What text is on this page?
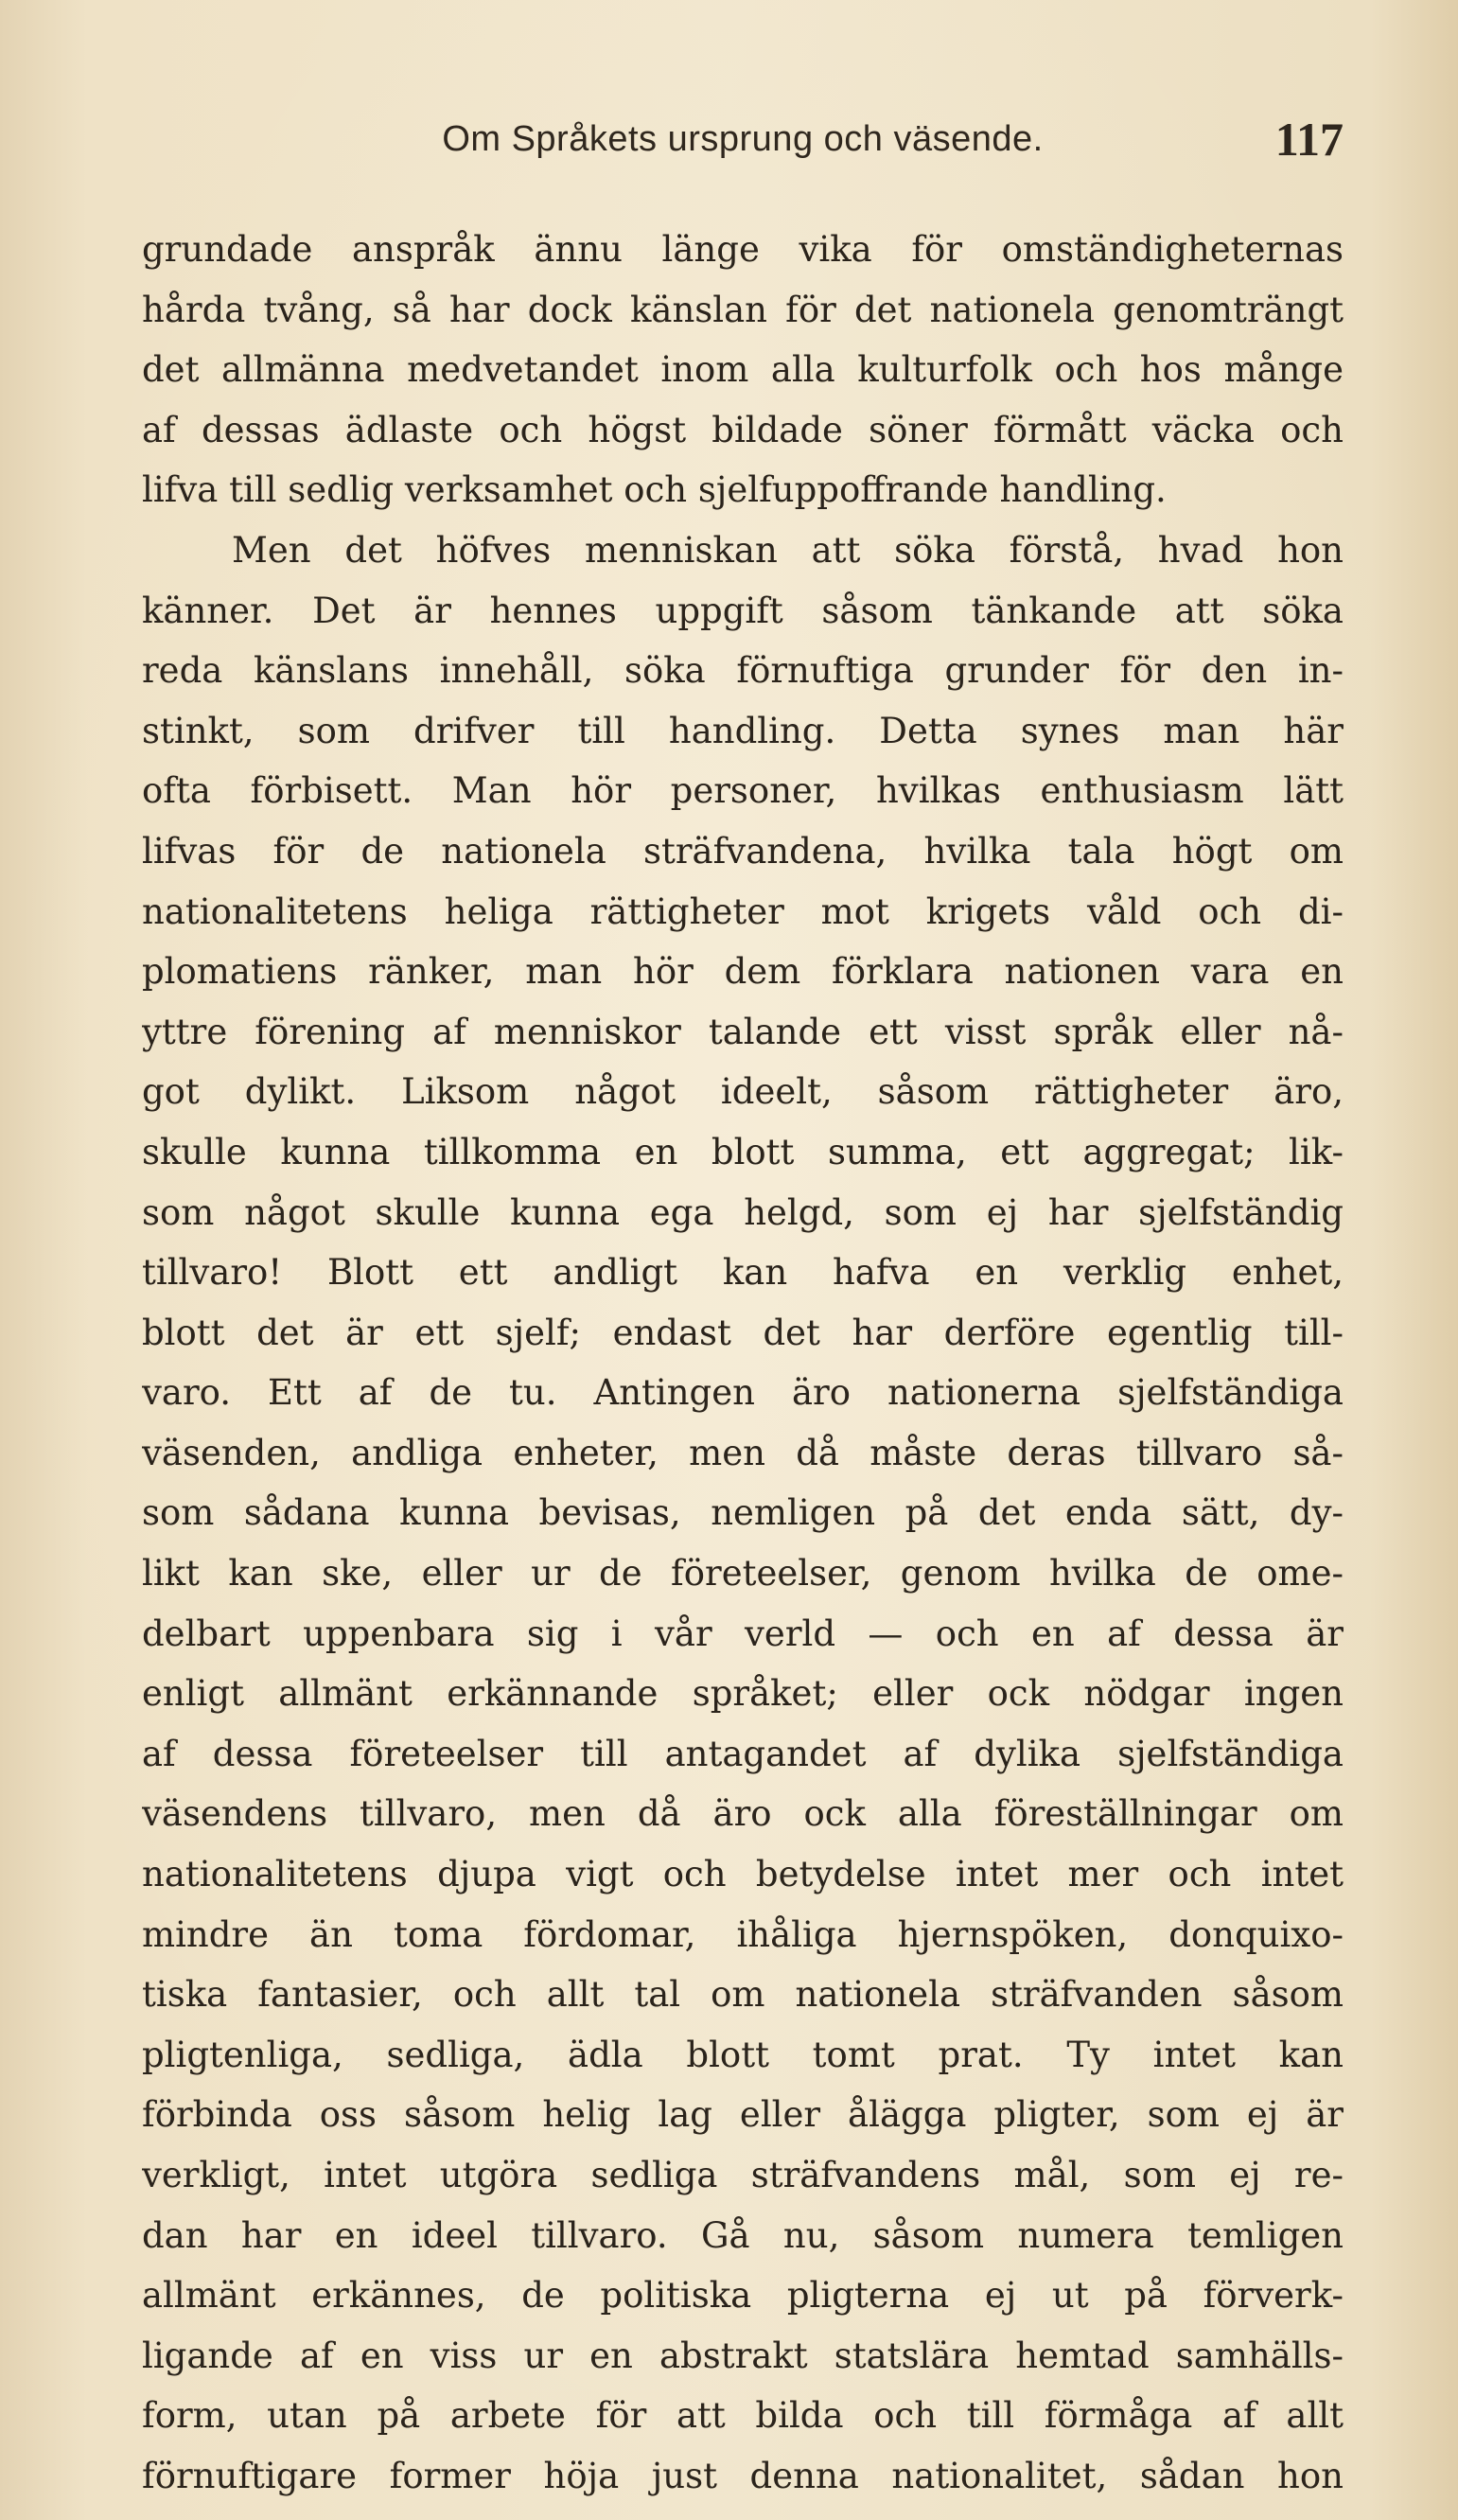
Om Språkets ursprung och väsende.	117
grundade anspråk ännu länge vika för omständigheternas
hårda tvång, så har dock känslan för det nationela genomträngt
det allmänna medvetandet inom alla kulturfolk och hos månge
af dessas ädlaste och högst bildade söner förmått väcka och
lifva till sedlig verksamhet och sjelfuppoffrande handling.
Men det höfves menniskan att söka förstå, hvad hon
känner. Det är hennes uppgift såsom tänkande att söka
reda känslans innehåll, söka förnuftiga grunder för den in-
stinkt, som drifver till handling. Detta synes man här
ofta förbisett. Man hör personer, hvilkas enthusiasm lätt
lifvas för de nationela sträfvandena, hvilka tala högt om
nationalitetens heliga rättigheter mot krigets våld och di-
plomatiens ränker, man hör dem förklara nationen vara en
yttre förening af menniskor talande ett visst språk eller nå-
got dylikt. Liksom något ideelt, såsom rättigheter äro,
skulle kunna tillkomma en blott summa, ett aggregat; lik-
som något skulle kunna ega helgd, som ej har sjelfständig
tillvaro! Blott ett andligt kan hafva en verklig enhet,
blott det är ett sjelf; endast det har derföre egentlig till-
varo. Ett af de tu. Antingen äro nationerna sjelfständiga
väsenden, andliga enheter, men då måste deras tillvaro så-
som sådana kunna bevisas, nemligen på det enda sätt, dy-
likt kan ske, eller ur de företeelser, genom hvilka de ome-
delbart uppenbara sig i vår verld — och en af dessa är
enligt allmänt erkännande språket; eller ock nödgar ingen
af dessa företeelser till antagandet af dylika sjelfständiga
väsendens tillvaro, men då äro ock alla föreställningar om
nationalitetens djupa vigt och betydelse intet mer och intet
mindre än toma fördomar, ihåliga hjernspöken, donquixo-
tiska fantasier, och allt tal om nationela sträfvanden såsom
pligtenliga, sedliga, ädla blott tomt prat. Ty intet kan
förbinda oss såsom helig lag eller ålägga pligter, som ej är
verkligt, intet utgöra sedliga sträfvandens mål, som ej re-
dan har en ideel tillvaro. Gå nu, såsom numera temligen
allmänt erkännes, de politiska pligterna ej ut på förverk-
ligande af en viss ur en abstrakt statslära hemtad samhälls-
form, utan på arbete för att bilda och till förmåga af allt
förnuftigare former höja just denna nationalitet, sådan hon
